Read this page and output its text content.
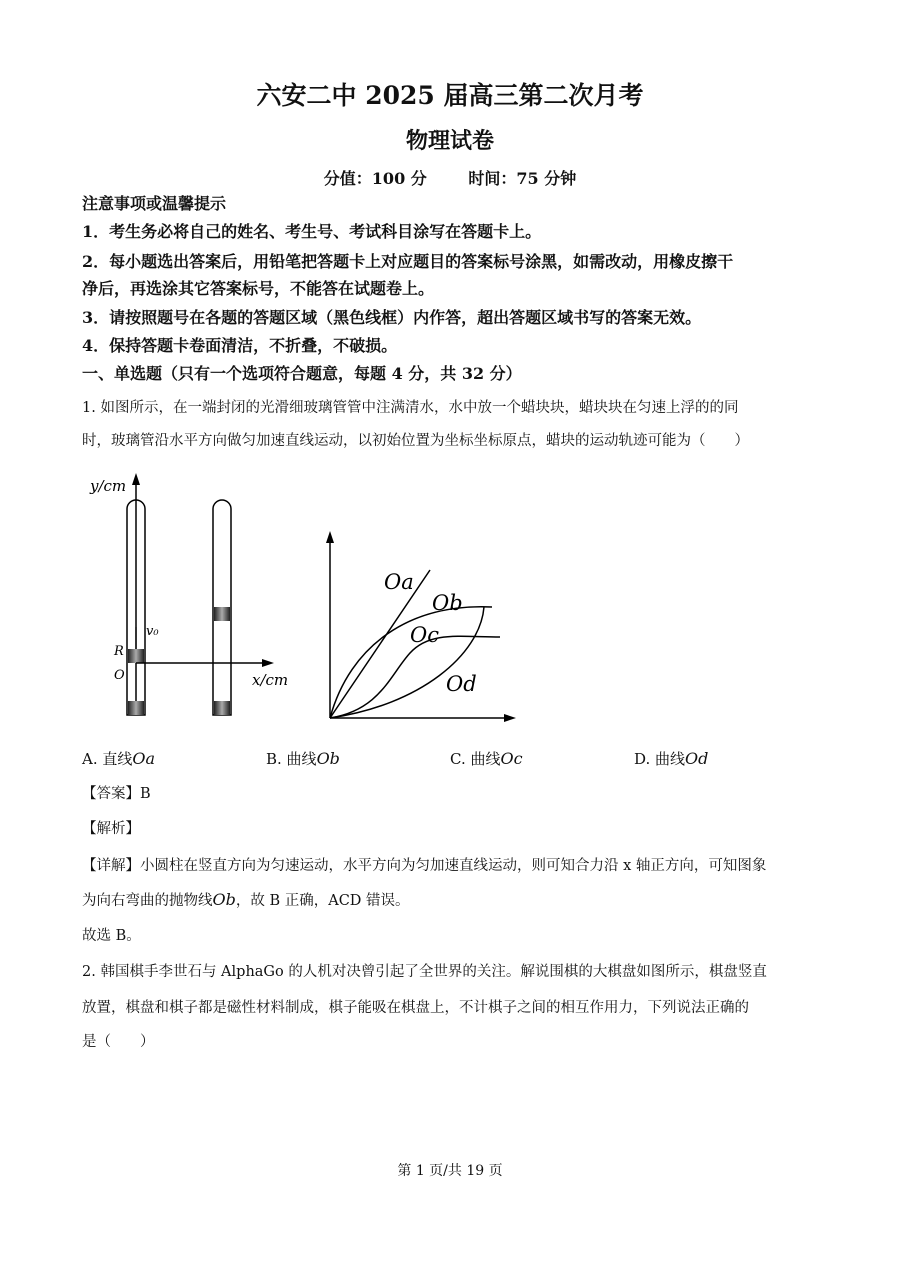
六安二中 2025 届高三第二次月考
物理试卷
分值：100 分	时间：75 分钟
注意事项或温馨提示
1．考生务必将自己的姓名、考生号、考试科目涂写在答题卡上。
2．每小题选出答案后，用铅笔把答题卡上对应题目的答案标号涂黑，如需改动，用橡皮擦干
净后，再选涂其它答案标号，不能答在试题卷上。
3．请按照题号在各题的答题区域（黑色线框）内作答，超出答题区域书写的答案无效。
4．保持答题卡卷面清洁，不折叠，不破损。
一、单选题（只有一个选项符合题意，每题 4 分，共 32 分）
1. 如图所示，在一端封闭的光滑细玻璃管管中注满清水，水中放一个蜡块块，蜡块块在匀速上浮的的同
时，玻璃管沿水平方向做匀加速直线运动，以初始位置为坐标坐标原点，蜡块的运动轨迹可能为（　　）
y/cm
v₀
R
O	x/cm
Oa
Ob
Oc
Od
A. 直线Oa	B. 曲线Ob	C. 曲线Oc	D. 曲线Od
【答案】B
【解析】
【详解】小圆柱在竖直方向为匀速运动，水平方向为匀加速直线运动，则可知合力沿 x 轴正方向，可知图象
为向右弯曲的抛物线Ob，故 B 正确，ACD 错误。
故选 B。
2. 韩国棋手李世石与 AlphaGo 的人机对决曾引起了全世界的关注。解说围棋的大棋盘如图所示，棋盘竖直
放置，棋盘和棋子都是磁性材料制成，棋子能吸在棋盘上，不计棋子之间的相互作用力，下列说法正确的
是（　　）
第 1 页/共 19 页
